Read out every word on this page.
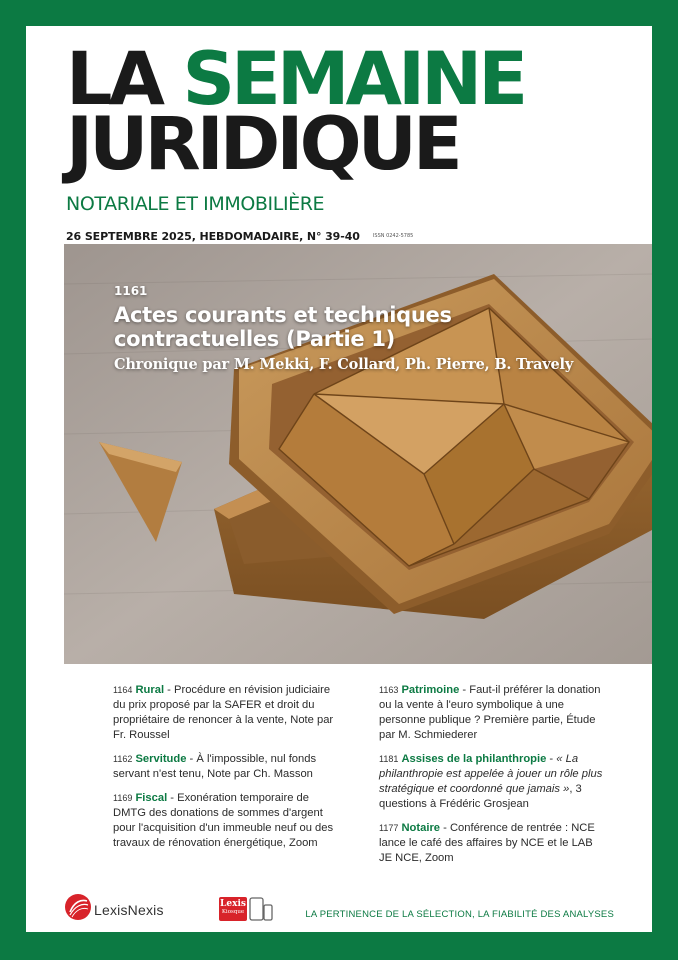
LA SEMAINE
JURIDIQUE
NOTARIALE ET IMMOBILIÈRE
26 SEPTEMBRE 2025, HEBDOMADAIRE, N° 39-40	ISSN 0242-5785
1161
Actes courants et techniques
contractuelles (Partie 1)
Chronique par M. Mekki, F. Collard, Ph. Pierre, B. Travely
1164 Rural - Procédure en révision judiciaire du prix proposé par la SAFER et droit du propriétaire de renoncer à la vente, Note par Fr. Roussel
1162 Servitude - À l'impossible, nul fonds servant n'est tenu, Note par Ch. Masson
1169 Fiscal - Exonération temporaire de DMTG des donations de sommes d'argent pour l'acquisition d'un immeuble neuf ou des travaux de rénovation énergétique, Zoom
1163 Patrimoine - Faut-il préférer la donation ou la vente à l'euro symbolique à une personne publique ? Première partie, Étude par M. Schmiederer
1181 Assises de la philanthropie - « La philanthropie est appelée à jouer un rôle plus stratégique et coordonné que jamais », 3 questions à Frédéric Grosjean
1177 Notaire - Conférence de rentrée : NCE lance le café des affaires by NCE et le LAB JE NCE, Zoom
LexisNexis	Lexis
Kiosque	LA PERTINENCE DE LA SÉLECTION, LA FIABILITÉ DES ANALYSES
